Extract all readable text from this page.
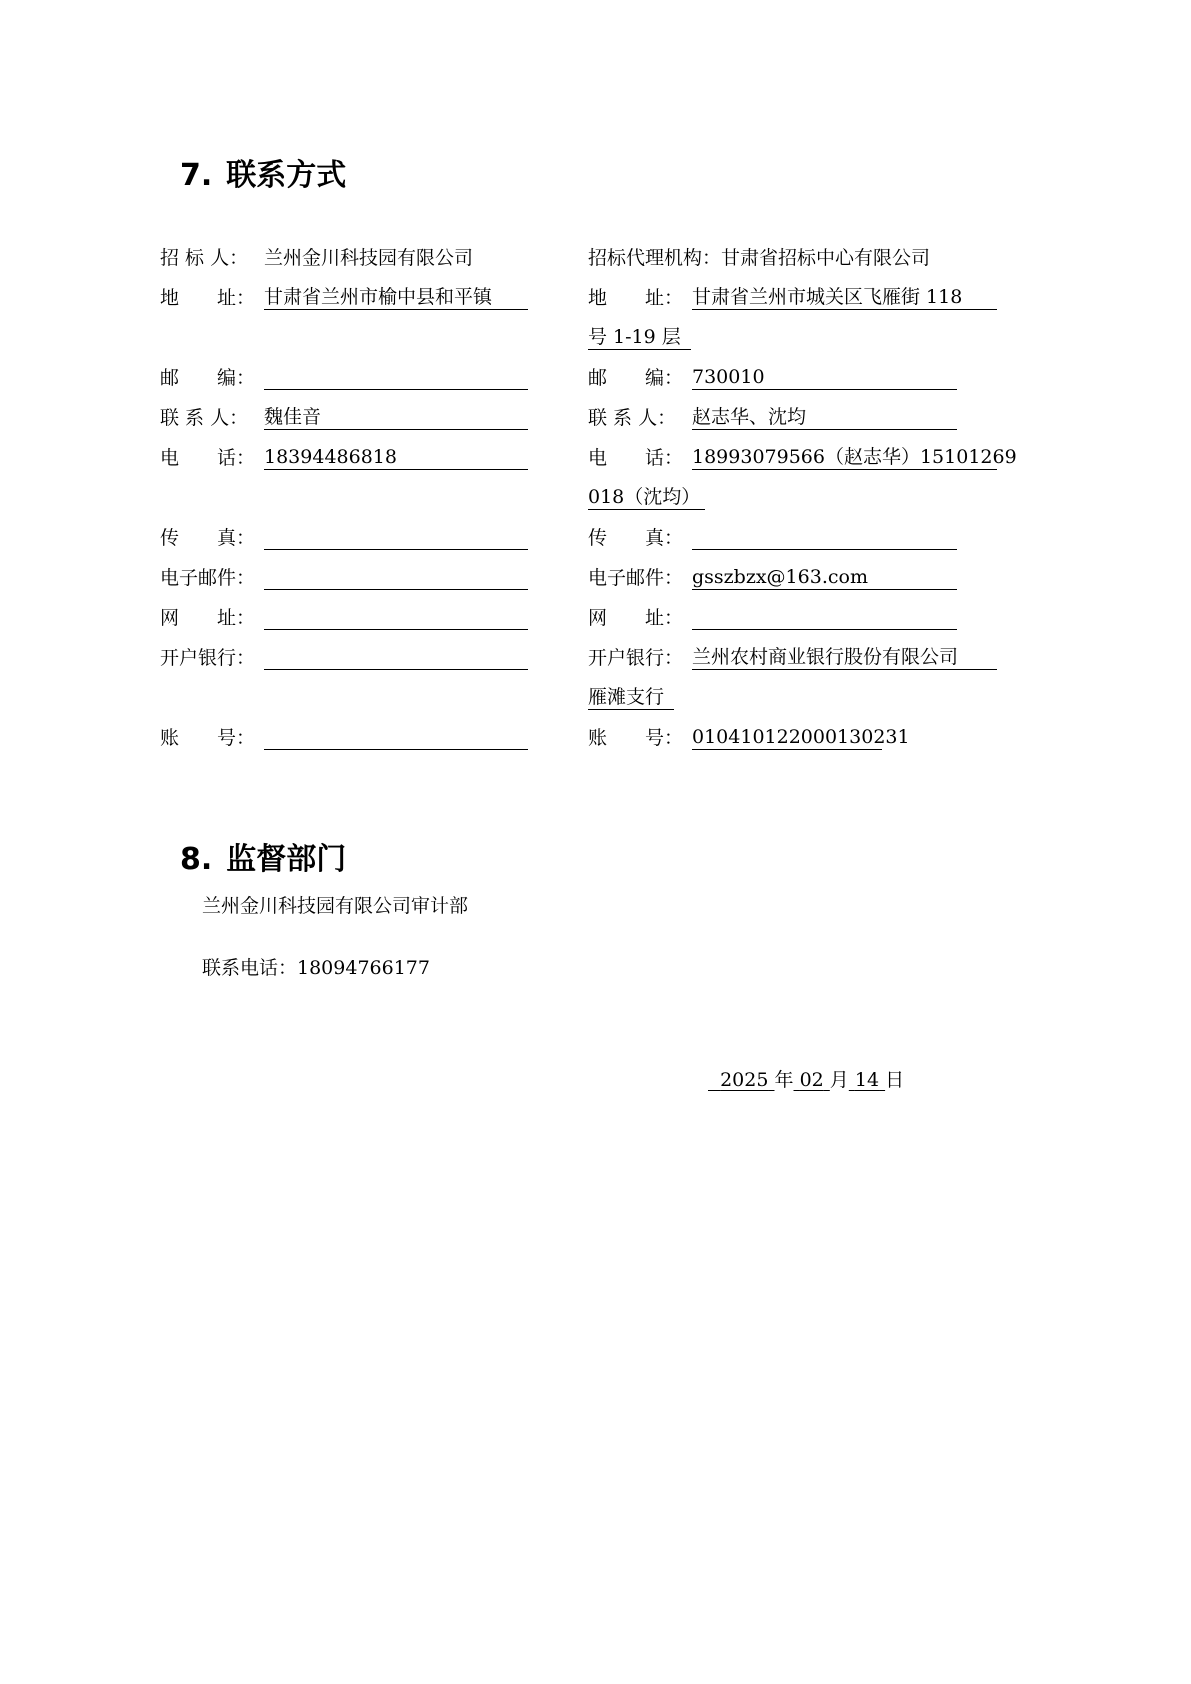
7. 联系方式
招 标 人： 兰州金川科技园有限公司
地　　址： 甘肃省兰州市榆中县和平镇
邮　　编：
联 系 人： 魏佳音
电　　话： 18394486818
传　　真：
电子邮件：
网　　址：
开户银行：
账　　号：
招标代理机构：甘肃省招标中心有限公司
地　　址： 甘肃省兰州市城关区飞雁街 118
号 1-19 层
邮　　编： 730010
联 系 人： 赵志华、沈均
电　　话： 18993079566（赵志华）15101269
018（沈均）
传　　真：
电子邮件： gsszbzx@163.com
网　　址：
开户银行： 兰州农村商业银行股份有限公司
雁滩支行
账　　号： 010410122000130231
8. 监督部门
兰州金川科技园有限公司审计部
联系电话：18094766177
2025 年 02 月 14 日
